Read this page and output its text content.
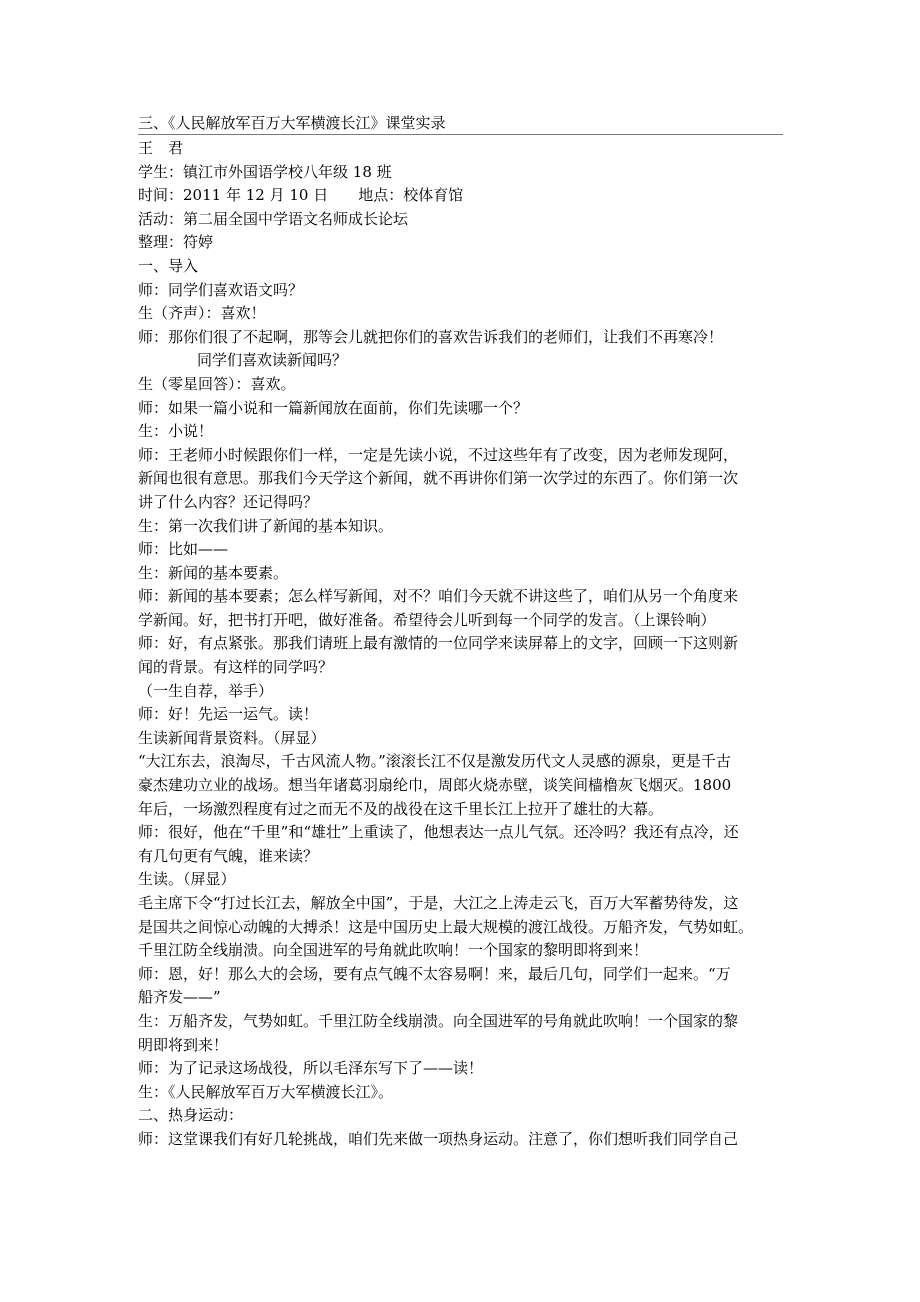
三、《人民解放军百万大军横渡长江》课堂实录
王　君
学生：镇江市外国语学校八年级 18 班
时间：2011 年 12 月 10 日　　地点：校体育馆
活动：第二届全国中学语文名师成长论坛
整理：符婷
一、导入
师：同学们喜欢语文吗？
生（齐声）：喜欢！
师：那你们很了不起啊，那等会儿就把你们的喜欢告诉我们的老师们，让我们不再寒冷！
同学们喜欢读新闻吗？
生（零星回答）：喜欢。
师：如果一篇小说和一篇新闻放在面前，你们先读哪一个？
生：小说！
师：王老师小时候跟你们一样，一定是先读小说，不过这些年有了改变，因为老师发现阿，
新闻也很有意思。那我们今天学这个新闻，就不再讲你们第一次学过的东西了。你们第一次
讲了什么内容？还记得吗？
生：第一次我们讲了新闻的基本知识。
师：比如——
生：新闻的基本要素。
师：新闻的基本要素；怎么样写新闻，对不？咱们今天就不讲这些了，咱们从另一个角度来
学新闻。好，把书打开吧，做好准备。希望待会儿听到每一个同学的发言。（上课铃响）
师：好，有点紧张。那我们请班上最有激情的一位同学来读屏幕上的文字，回顾一下这则新
闻的背景。有这样的同学吗？
（一生自荐，举手）
师：好！先运一运气。读！
生读新闻背景资料。（屏显）
“大江东去，浪淘尽，千古风流人物。”滚滚长江不仅是激发历代文人灵感的源泉，更是千古
豪杰建功立业的战场。想当年诸葛羽扇纶巾，周郎火烧赤壁，谈笑间樯橹灰飞烟灭。1800
年后，一场激烈程度有过之而无不及的战役在这千里长江上拉开了雄壮的大幕。
师：很好，他在“千里”和“雄壮”上重读了，他想表达一点儿气氛。还冷吗？我还有点冷，还
有几句更有气魄，谁来读？
生读。（屏显）
毛主席下令“打过长江去，解放全中国”，于是，大江之上涛走云飞，百万大军蓄势待发，这
是国共之间惊心动魄的大搏杀！这是中国历史上最大规模的渡江战役。万船齐发，气势如虹。
千里江防全线崩溃。向全国进军的号角就此吹响！一个国家的黎明即将到来！
师：恩，好！那么大的会场，要有点气魄不太容易啊！来，最后几句，同学们一起来。“万
船齐发——”
生：万船齐发，气势如虹。千里江防全线崩溃。向全国进军的号角就此吹响！一个国家的黎
明即将到来！
师：为了记录这场战役，所以毛泽东写下了——读！
生：《人民解放军百万大军横渡长江》。
二、热身运动：
师：这堂课我们有好几轮挑战，咱们先来做一项热身运动。注意了，你们想听我们同学自己
